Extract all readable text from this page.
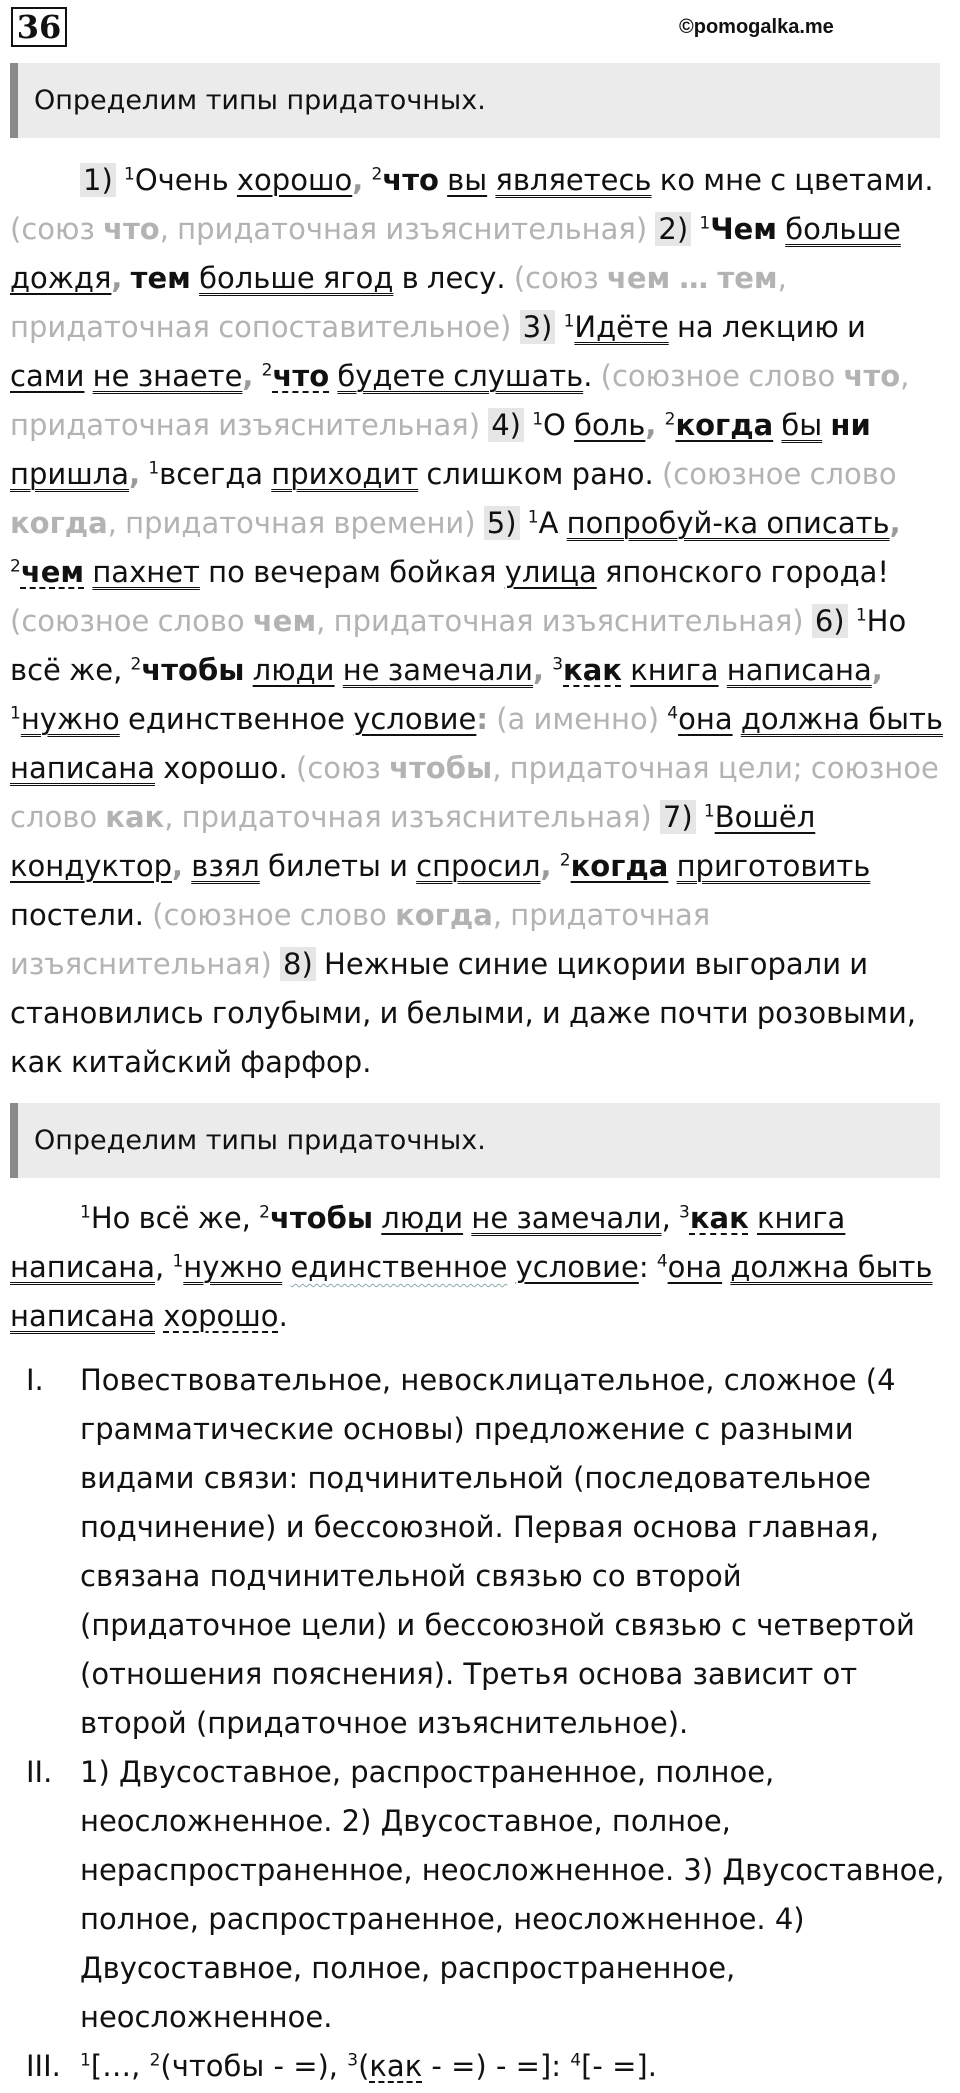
36	©pomogalka.me
Определим типы придаточных.
1) $^1$Очень хорошо, $^2$что вы являетесь ко мне с цветами. (союз что, придаточная изъяснительная) 2) $^1$Чем больше дождя, тем больше ягод в лесу. (союз чем … тем, придаточная сопоставительное) 3) $^1$Идёте на лекцию и сами не знаете, $^2$что будете слушать. (союзное слово что, придаточная изъяснительная) 4) $^1$О боль, $^2$когда бы ни пришла, $^1$всегда приходит слишком рано. (союзное слово когда, придаточная времени) 5) $^1$А попробуй-ка описать, $^2$чем пахнет по вечерам бойкая улица японского города! (союзное слово чем, придаточная изъяснительная) 6) $^1$Но всё же, $^2$чтобы люди не замечали, $^3$как книга написана, $^1$нужно единственное условие: (а именно) $^4$она должна быть написана хорошо. (союз чтобы, придаточная цели; союзное слово как, придаточная изъяснительная) 7) $^1$Вошёл кондуктор, взял билеты и спросил, $^2$когда приготовить постели. (союзное слово когда, придаточная изъяснительная) 8) Нежные синие цикории выгорали и становились голубыми, и белыми, и даже почти розовыми, как китайский фарфор.
Определим типы придаточных.
$^1$Но всё же, $^2$чтобы люди не замечали, $^3$как книга написана, $^1$нужно единственное условие: $^4$она должна быть написана хорошо.
I.	Повествовательное, невосклицательное, сложное (4 грамматические основы) предложение с разными видами связи: подчинительной (последовательное подчинение) и бессоюзной. Первая основа главная, связана подчинительной связью со второй (придаточное цели) и бессоюзной связью с четвертой (отношения пояснения). Третья основа зависит от второй (придаточное изъяснительное).
II. 1) Двусоставное, распространенное, полное, неосложненное. 2) Двусоставное, полное, нераспространенное, неосложненное. 3) Двусоставное, полное, распространенное, неосложненное. 4) Двусоставное, полное, распространенное, неосложненное.
III.	$^1$[…, $^2$(чтобы - =), $^3$(как - =) - =]: $^4$[- =].
